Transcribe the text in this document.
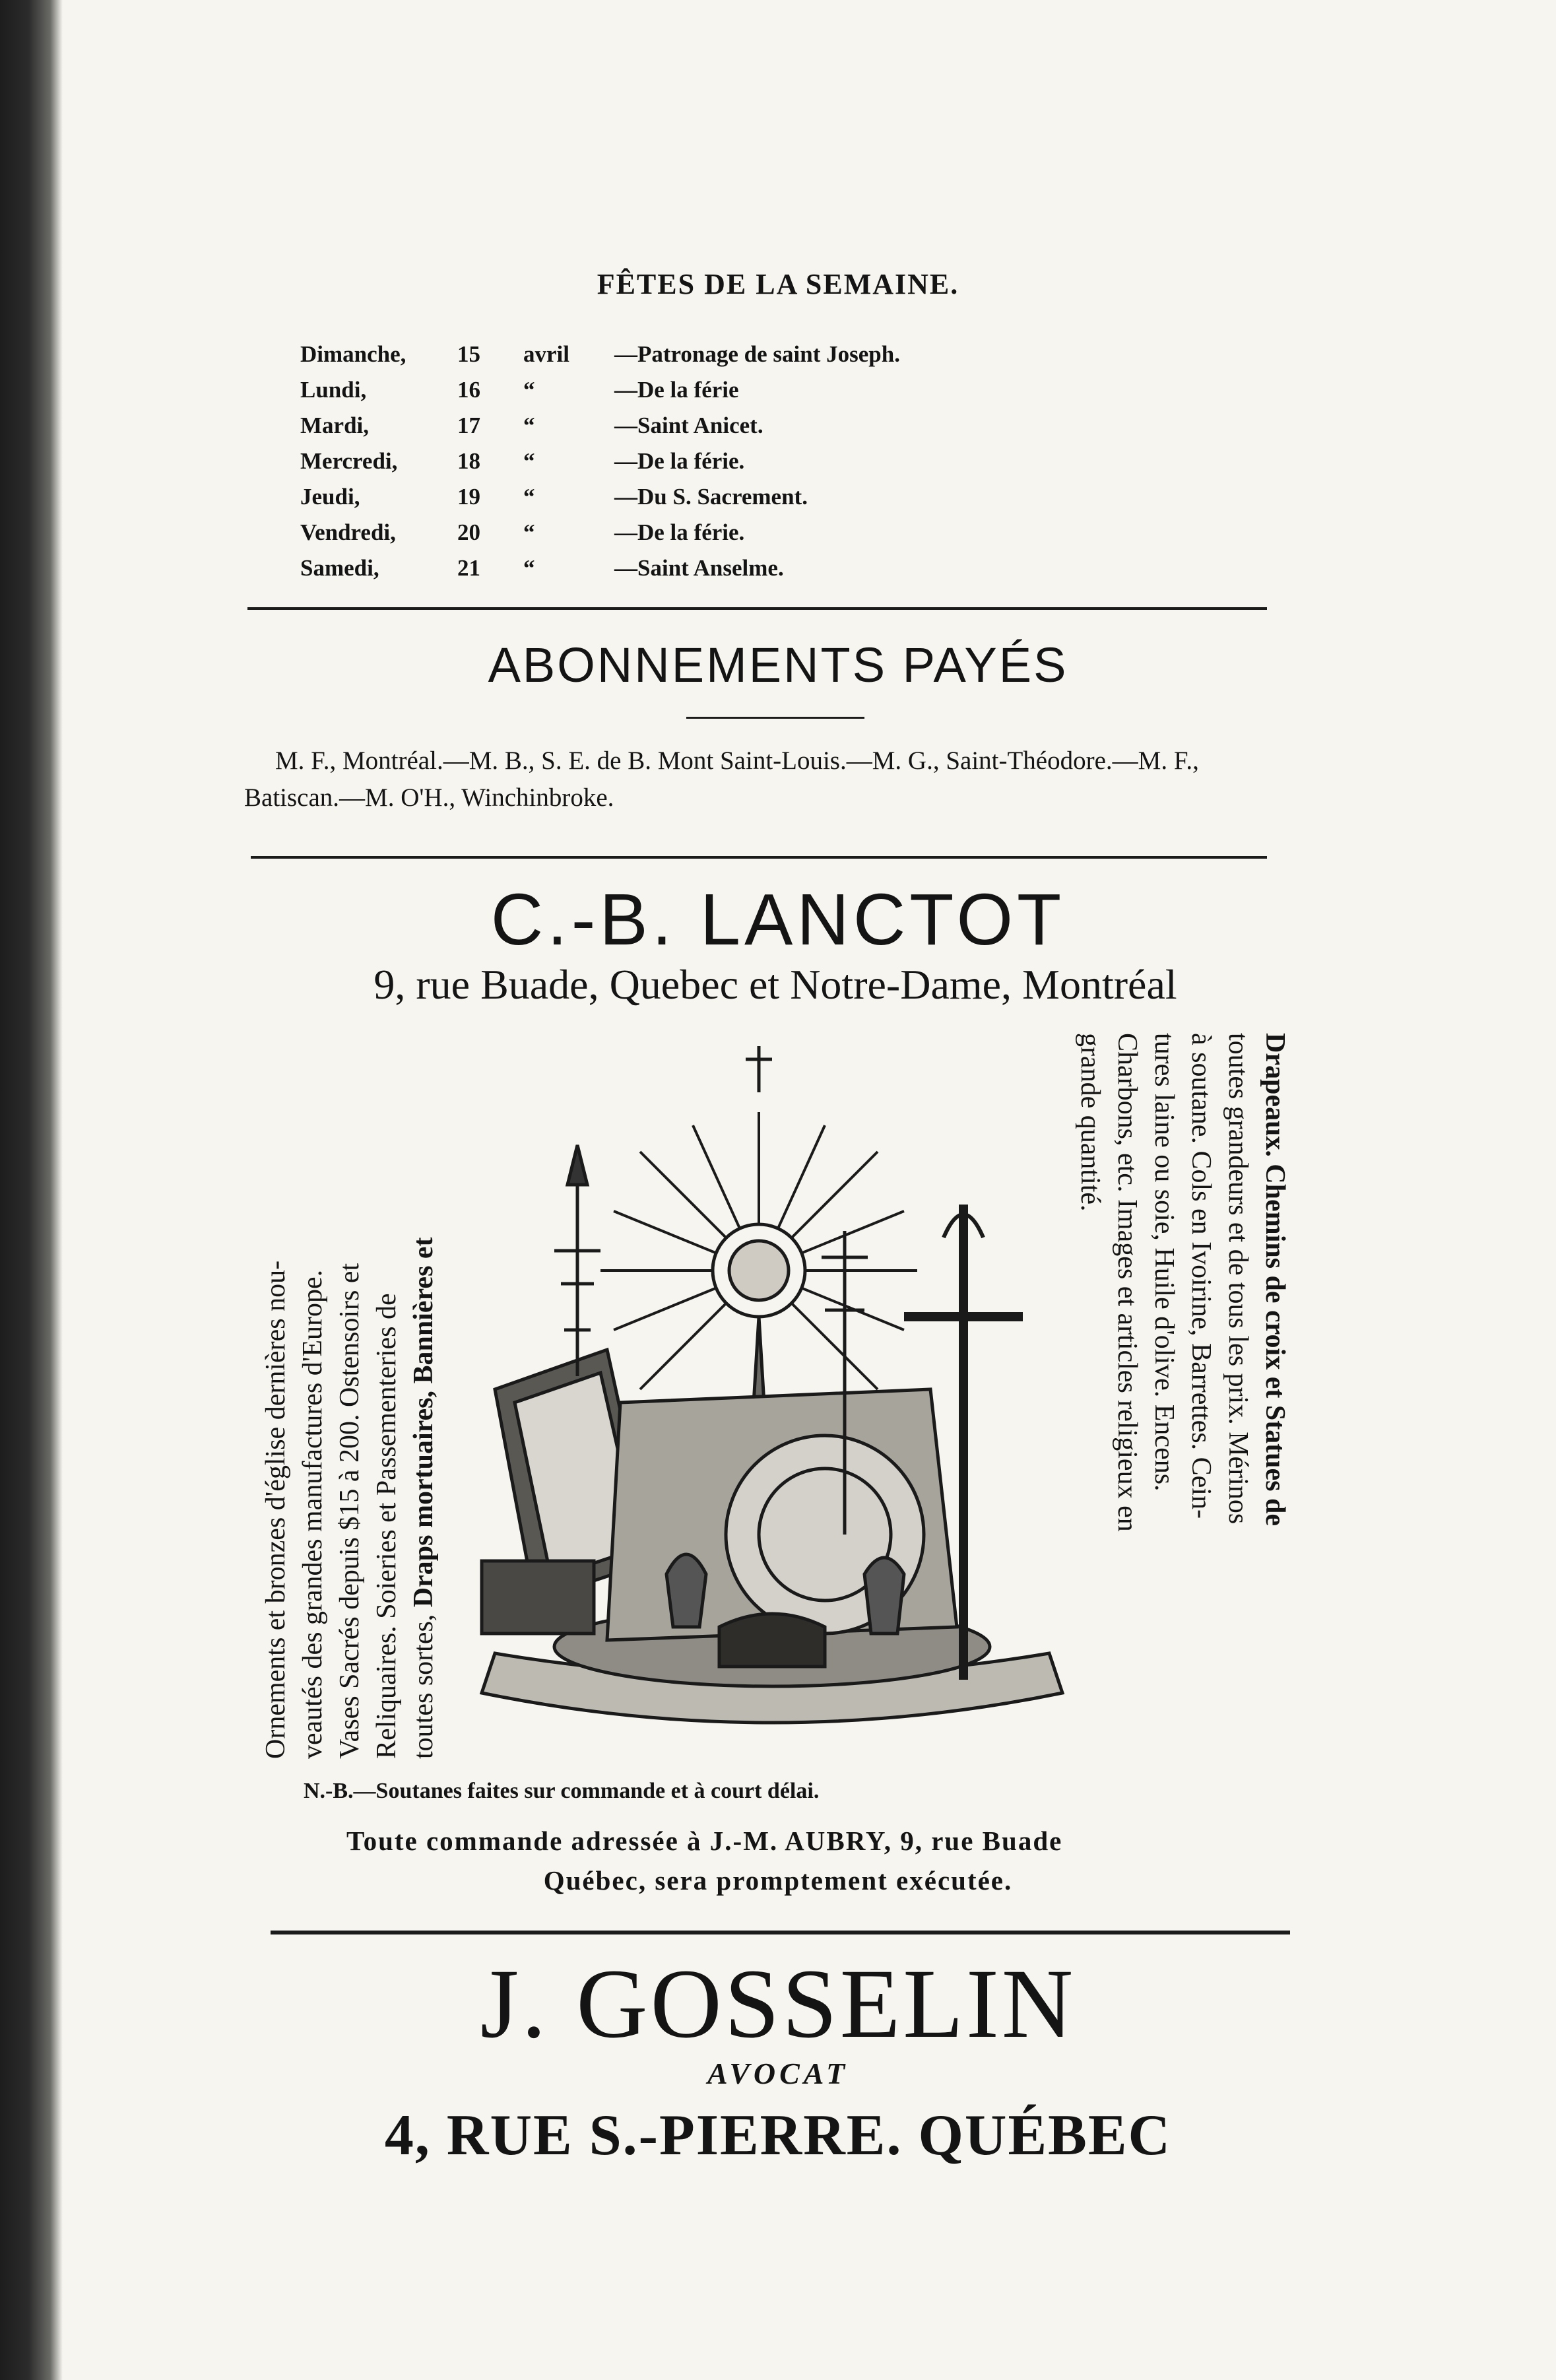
FÊTES DE LA SEMAINE.
Dimanche,	15	avril	—Patronage de saint Joseph.
Lundi,	16	“	—De la férie
Mardi,	17	“	—Saint Anicet.
Mercredi,	18	“	—De la férie.
Jeudi,	19	“	—Du S. Sacrement.
Vendredi,	20	“	—De la férie.
Samedi,	21	“	—Saint Anselme.
ABONNEMENTS PAYÉS
M. F., Montréal.—M. B., S. E. de B. Mont Saint-Louis.—M. G., Saint-Théodore.—M. F., Batiscan.—M. O'H., Winchinbroke.
C.-B. LANCTOT
9, rue Buade, Quebec et Notre-Dame, Montréal
Ornements et bronzes d'église dernières nou- veautés des grandes manufactures d'Europe. Vases Sacrés depuis $15 à 200. Ostensoirs et Reliquaires. Soieries et Passementeries de toutes sortes, Draps mortuaires, Bannières et	Drapeaux. Chemins de croix et Statues de
toutes grandeurs et de tous les prix. Mérinos
à soutane. Cols en Ivoirine, Barrettes. Cein-
tures laine ou soie, Huile d'olive. Encens.
Charbons, etc. Images et articles religieux en
grande quantité.
N.-B.—Soutanes faites sur commande et à court délai.
Toute commande adressée à J.-M. AUBRY, 9, rue Buade
Québec, sera promptement exécutée.
J. GOSSELIN
AVOCAT
4, RUE S.-PIERRE. QUÉBEC
